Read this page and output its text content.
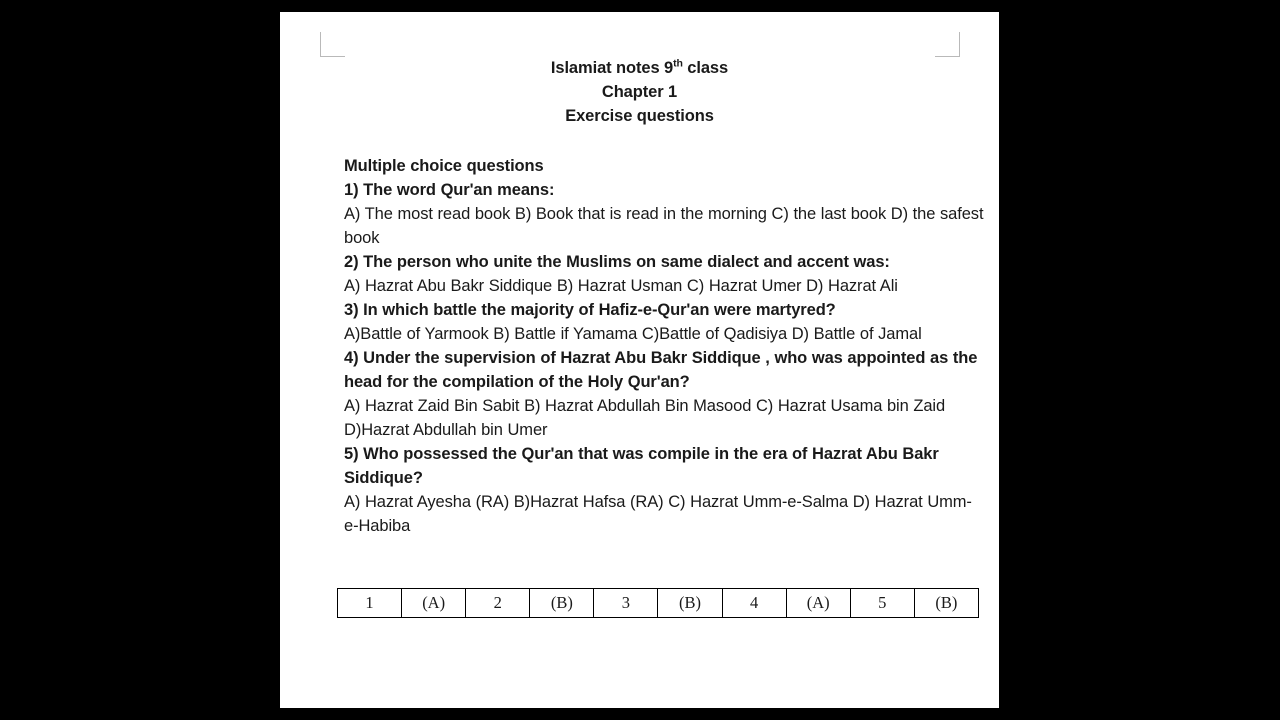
Islamiat notes 9th class
Chapter 1
Exercise questions
Multiple choice questions
1) The word Qur'an means:
A) The most read book B) Book that is read in the morning C) the last book D) the safest book
2) The person who unite the Muslims on same dialect and accent was:
A) Hazrat Abu Bakr Siddique B) Hazrat Usman C) Hazrat Umer D) Hazrat Ali
3) In which battle the majority of Hafiz-e-Qur'an were martyred?
A)Battle of Yarmook B) Battle if Yamama C)Battle of Qadisiya D) Battle of Jamal
4) Under the supervision of Hazrat Abu Bakr Siddique , who was appointed as the head for the compilation of the Holy Qur'an?
A) Hazrat Zaid Bin Sabit B) Hazrat Abdullah Bin Masood C) Hazrat Usama bin Zaid D)Hazrat Abdullah bin Umer
5) Who possessed the Qur'an that was compile in the era of Hazrat Abu Bakr Siddique?
A) Hazrat Ayesha (RA) B)Hazrat Hafsa (RA) C) Hazrat Umm-e-Salma D) Hazrat Umm-e-Habiba
1	(A)	2	(B)	3	(B)	4	(A)	5	(B)
